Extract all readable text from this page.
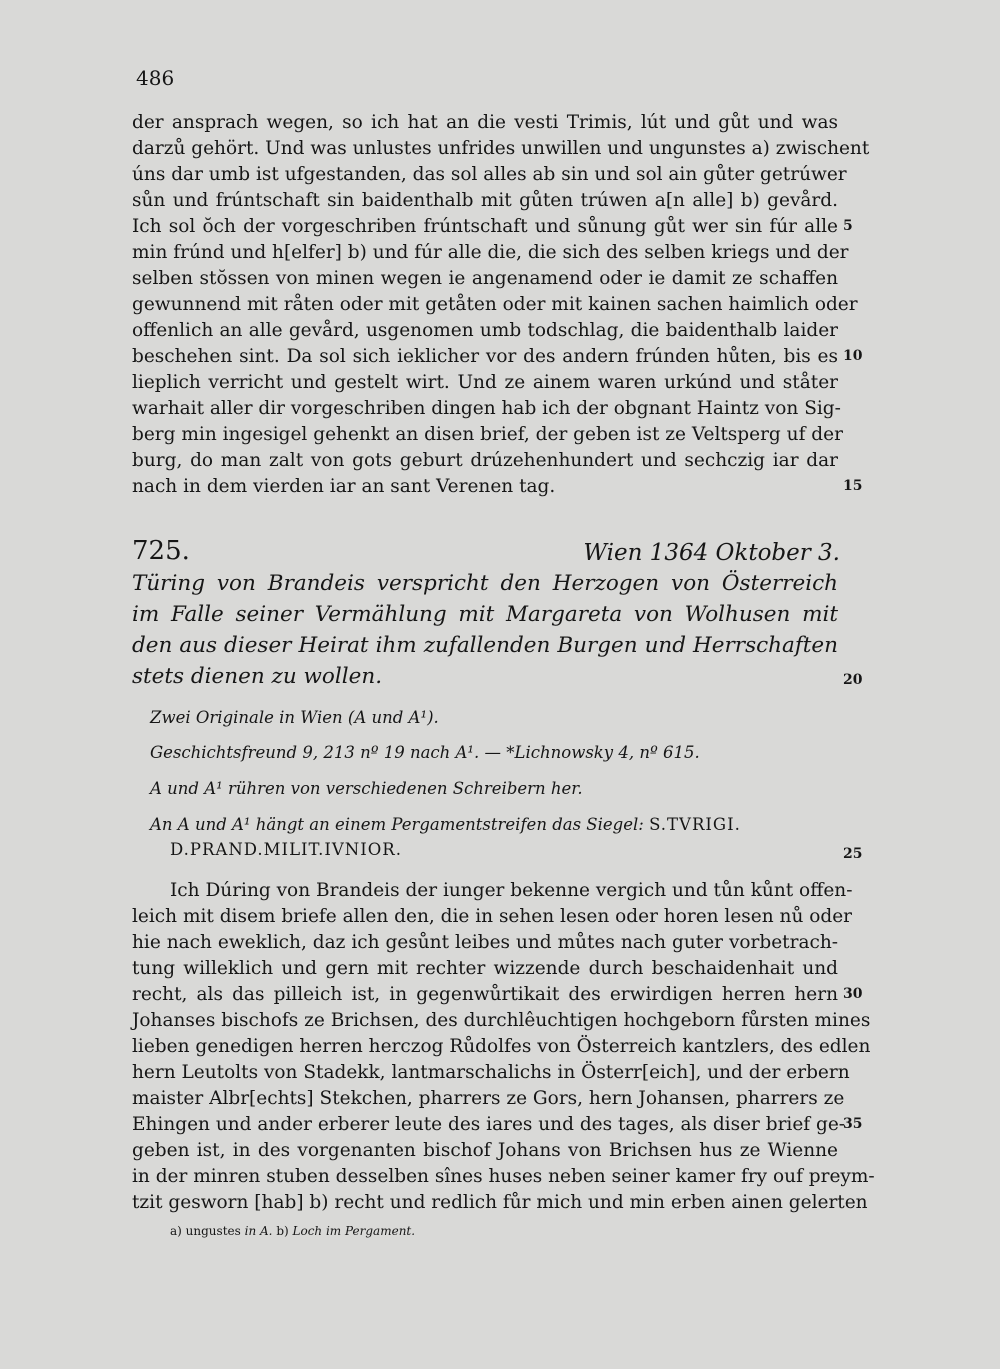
486
der ansprach wegen, so ich hat an die vesti Trimis, lút und gůt und was
darzů gehört. Und was unlustes unfrides unwillen und ungunstes a) zwischent
úns dar umb ist ufgestanden, das sol alles ab sin und sol ain gůter getrúwer
sůn und frúntschaft sin baidenthalb mit gůten trúwen a[n alle] b) gevård.
Ich sol ŏch der vorgeschriben frúntschaft und sůnung gůt wer sin fúr alle
min frúnd und h[elfer] b) und fúr alle die, die sich des selben kriegs und der
selben stŏssen von minen wegen ie angenamend oder ie damit ze schaffen
gewunnend mit råten oder mit getåten oder mit kainen sachen haimlich oder
offenlich an alle gevård, usgenomen umb todschlag, die baidenthalb laider
beschehen sint. Da sol sich ieklicher vor des andern frúnden hůten, bis es
lieplich verricht und gestelt wirt. Und ze ainem waren urkúnd und ståter
warhait aller dir vorgeschriben dingen hab ich der obgnant Haintz von Sig-
berg min ingesigel gehenkt an disen brief, der geben ist ze Veltsperg uf der
burg, do man zalt von gots geburt drúzehenhundert und sechczig iar dar
nach in dem vierden iar an sant Verenen tag.
5
10
15
725.	Wien 1364 Oktober 3.
Türing von Brandeis verspricht den Herzogen von Österreich
im Falle seiner Vermählung mit Margareta von Wolhusen mit
den aus dieser Heirat ihm zufallenden Burgen und Herrschaften
stets dienen zu wollen.	20
Zwei Originale in Wien (A und A¹).
Geschichtsfreund 9, 213 nº 19 nach A¹. — *Lichnowsky 4, nº 615.
A und A¹ rühren von verschiedenen Schreibern her.
An A und A¹ hängt an einem Pergamentstreifen das Siegel: S.TVRIGI.
D.PRAND.MILIT.IVNIOR.	25
Ich Dúring von Brandeis der iunger bekenne vergich und tůn kůnt offen-
leich mit disem briefe allen den, die in sehen lesen oder horen lesen nů oder
hie nach eweklich, daz ich gesůnt leibes und můtes nach guter vorbetrach-
tung willeklich und gern mit rechter wizzende durch beschaidenhait und
recht, als das pilleich ist, in gegenwůrtikait des erwirdigen herren hern
Johanses bischofs ze Brichsen, des durchlêuchtigen hochgeborn fůrsten mines
lieben genedigen herren herczog Růdolfes von Österreich kantzlers, des edlen
hern Leutolts von Stadekk, lantmarschalichs in Österr[eich], und der erbern
maister Albr[echts] Stekchen, pharrers ze Gors, hern Johansen, pharrers ze
Ehingen und ander erberer leute des iares und des tages, als diser brief ge-
geben ist, in des vorgenanten bischof Johans von Brichsen hus ze Wienne
in der minren stuben desselben sînes huses neben seiner kamer fry ouf preym-
tzit gesworn [hab] b) recht und redlich fůr mich und min erben ainen gelerten
30
35
a) ungustes in A. b) Loch im Pergament.
